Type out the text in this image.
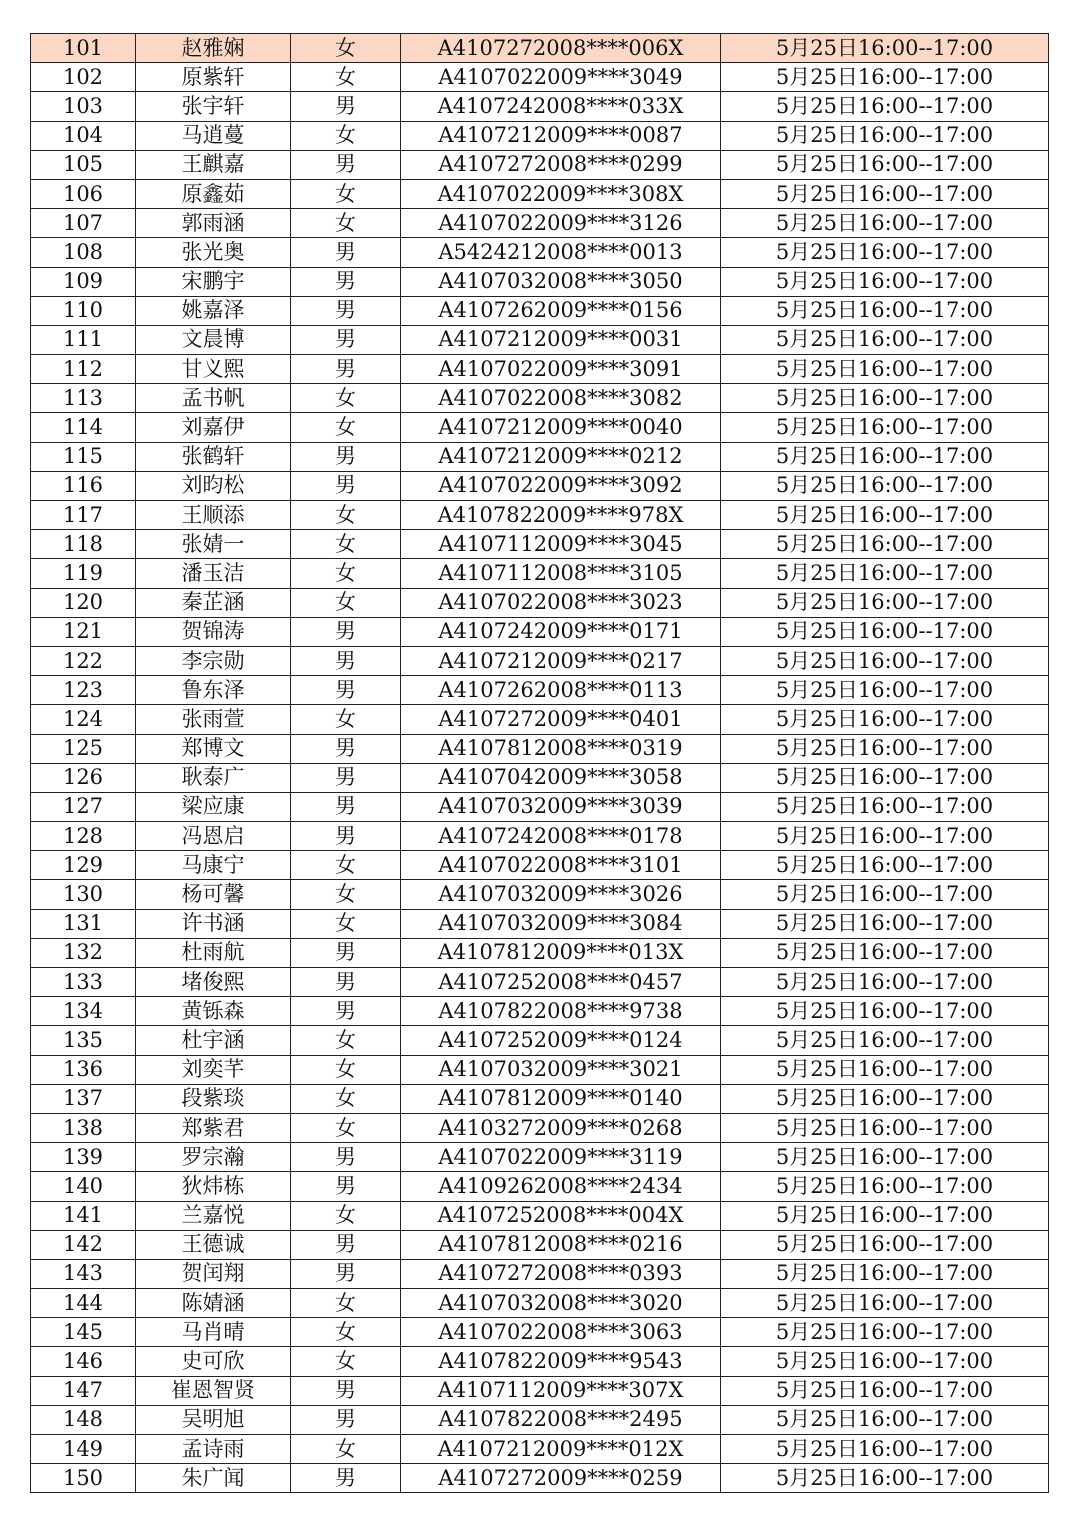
101	赵雅娴	女	A4107272008****006X	5月25日16:00--17:00
102	原紫轩	女	A4107022009****3049	5月25日16:00--17:00
103	张宇轩	男	A4107242008****033X	5月25日16:00--17:00
104	马逍蔓	女	A4107212009****0087	5月25日16:00--17:00
105	王麒嘉	男	A4107272008****0299	5月25日16:00--17:00
106	原鑫茹	女	A4107022009****308X	5月25日16:00--17:00
107	郭雨涵	女	A4107022009****3126	5月25日16:00--17:00
108	张光奥	男	A5424212008****0013	5月25日16:00--17:00
109	宋鹏宇	男	A4107032008****3050	5月25日16:00--17:00
110	姚嘉泽	男	A4107262009****0156	5月25日16:00--17:00
111	文晨博	男	A4107212009****0031	5月25日16:00--17:00
112	甘义熙	男	A4107022009****3091	5月25日16:00--17:00
113	孟书帆	女	A4107022008****3082	5月25日16:00--17:00
114	刘嘉伊	女	A4107212009****0040	5月25日16:00--17:00
115	张鹤轩	男	A4107212009****0212	5月25日16:00--17:00
116	刘昀松	男	A4107022009****3092	5月25日16:00--17:00
117	王顺添	女	A4107822009****978X	5月25日16:00--17:00
118	张婧一	女	A4107112009****3045	5月25日16:00--17:00
119	潘玉洁	女	A4107112008****3105	5月25日16:00--17:00
120	秦芷涵	女	A4107022008****3023	5月25日16:00--17:00
121	贺锦涛	男	A4107242009****0171	5月25日16:00--17:00
122	李宗勋	男	A4107212009****0217	5月25日16:00--17:00
123	鲁东泽	男	A4107262008****0113	5月25日16:00--17:00
124	张雨萱	女	A4107272009****0401	5月25日16:00--17:00
125	郑博文	男	A4107812008****0319	5月25日16:00--17:00
126	耿泰广	男	A4107042009****3058	5月25日16:00--17:00
127	梁应康	男	A4107032009****3039	5月25日16:00--17:00
128	冯恩启	男	A4107242008****0178	5月25日16:00--17:00
129	马康宁	女	A4107022008****3101	5月25日16:00--17:00
130	杨可馨	女	A4107032009****3026	5月25日16:00--17:00
131	许书涵	女	A4107032009****3084	5月25日16:00--17:00
132	杜雨航	男	A4107812009****013X	5月25日16:00--17:00
133	堵俊熙	男	A4107252008****0457	5月25日16:00--17:00
134	黄铄森	男	A4107822008****9738	5月25日16:00--17:00
135	杜宇涵	女	A4107252009****0124	5月25日16:00--17:00
136	刘奕芊	女	A4107032009****3021	5月25日16:00--17:00
137	段紫琰	女	A4107812009****0140	5月25日16:00--17:00
138	郑紫君	女	A4103272009****0268	5月25日16:00--17:00
139	罗宗瀚	男	A4107022009****3119	5月25日16:00--17:00
140	狄炜栋	男	A4109262008****2434	5月25日16:00--17:00
141	兰嘉悦	女	A4107252008****004X	5月25日16:00--17:00
142	王德诚	男	A4107812008****0216	5月25日16:00--17:00
143	贺闰翔	男	A4107272008****0393	5月25日16:00--17:00
144	陈婧涵	女	A4107032008****3020	5月25日16:00--17:00
145	马肖晴	女	A4107022008****3063	5月25日16:00--17:00
146	史可欣	女	A4107822009****9543	5月25日16:00--17:00
147	崔恩智贤	男	A4107112009****307X	5月25日16:00--17:00
148	吴明旭	男	A4107822008****2495	5月25日16:00--17:00
149	孟诗雨	女	A4107212009****012X	5月25日16:00--17:00
150	朱广闻	男	A4107272009****0259	5月25日16:00--17:00
